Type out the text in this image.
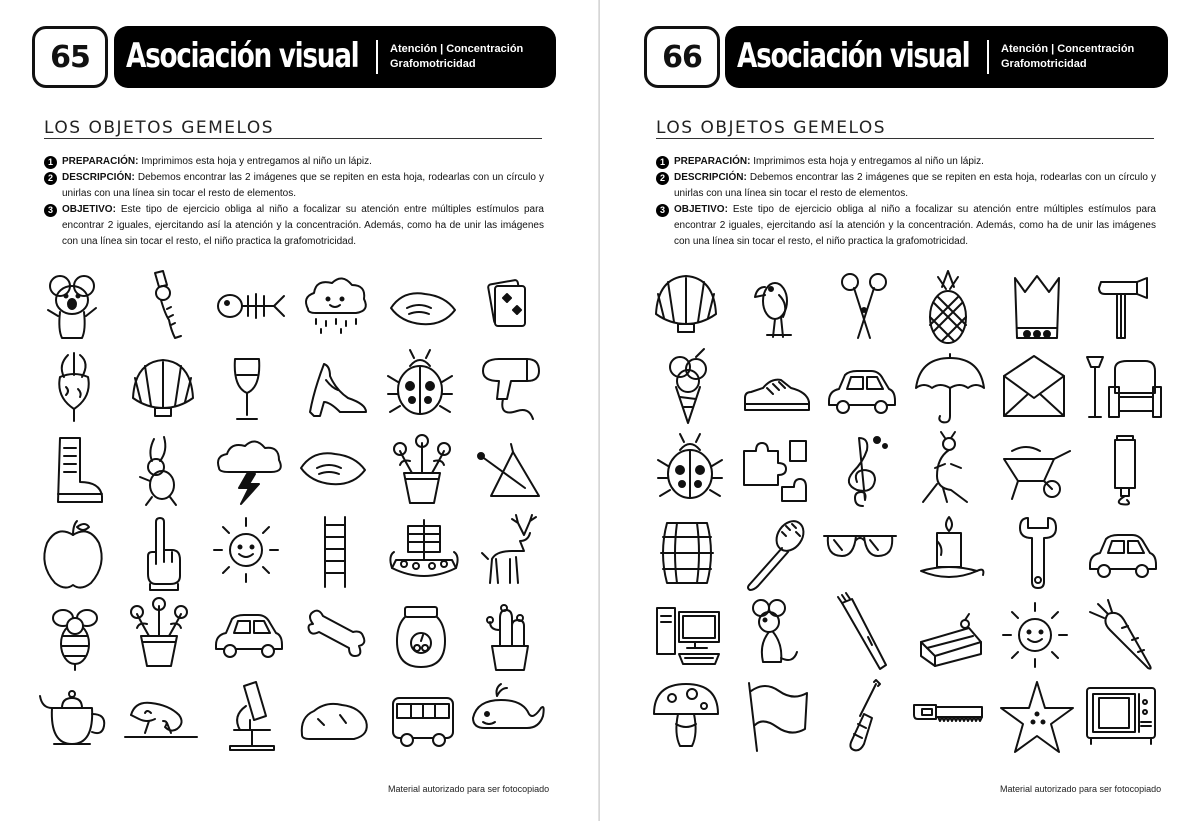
65	Asociación visual	Atención | Concentración
Grafomotricidad
LOS OBJETOS GEMELOS
1 PREPARACIÓN: Imprimimos esta hoja y entregamos al niño un lápiz.
2 DESCRIPCIÓN: Debemos encontrar las 2 imágenes que se repiten en esta hoja, rodearlas con un círculo y unirlas con una línea sin tocar el resto de elementos.
3 OBJETIVO: Este tipo de ejercicio obliga al niño a focalizar su atención entre múltiples estímulos para encontrar 2 iguales, ejercitando así la atención y la concentración. Además, como ha de unir las imágenes con una línea sin tocar el resto, el niño practica la grafomotricidad.
Material autorizado para ser fotocopiado
66	Asociación visual	Atención | Concentración
Grafomotricidad
LOS OBJETOS GEMELOS
1 PREPARACIÓN: Imprimimos esta hoja y entregamos al niño un lápiz.
2 DESCRIPCIÓN: Debemos encontrar las 2 imágenes que se repiten en esta hoja, rodearlas con un círculo y unirlas con una línea sin tocar el resto de elementos.
3 OBJETIVO: Este tipo de ejercicio obliga al niño a focalizar su atención entre múltiples estímulos para encontrar 2 iguales, ejercitando así la atención y la concentración. Además, como ha de unir las imágenes con una línea sin tocar el resto, el niño practica la grafomotricidad.
Material autorizado para ser fotocopiado
